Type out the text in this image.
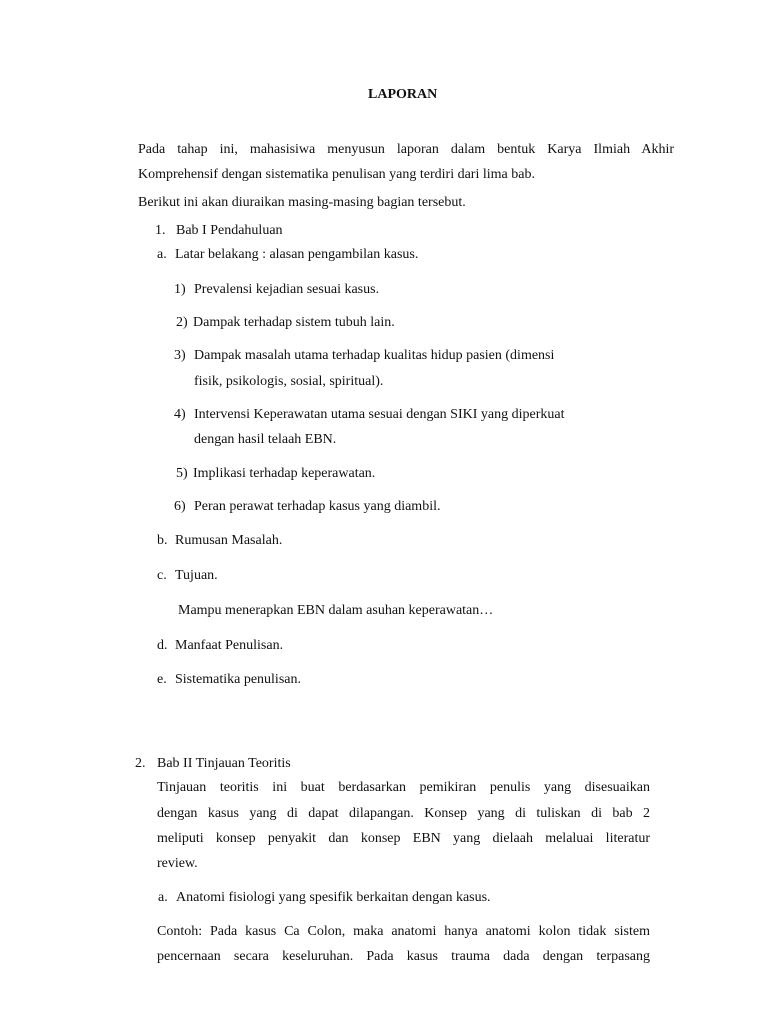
LAPORAN
Pada tahap ini, mahasisiwa menyusun laporan dalam bentuk Karya Ilmiah Akhir
Komprehensif dengan sistematika penulisan yang terdiri dari lima bab.
Berikut ini akan diuraikan masing-masing bagian tersebut.
1. Bab I Pendahuluan
a. Latar belakang : alasan pengambilan kasus.
1) Prevalensi kejadian sesuai kasus.
2) Dampak terhadap sistem tubuh lain.
3) Dampak masalah utama terhadap kualitas hidup pasien (dimensi
fisik, psikologis, sosial, spiritual).
4) Intervensi Keperawatan utama sesuai dengan SIKI yang diperkuat
dengan hasil telaah EBN.
5) Implikasi terhadap keperawatan.
6) Peran perawat terhadap kasus yang diambil.
b. Rumusan Masalah.
c. Tujuan.
Mampu menerapkan EBN dalam asuhan keperawatan…
d. Manfaat Penulisan.
e. Sistematika penulisan.
2. Bab II Tinjauan Teoritis
Tinjauan teoritis ini buat berdasarkan pemikiran penulis yang disesuaikan
dengan kasus yang di dapat dilapangan. Konsep yang di tuliskan di bab 2
meliputi konsep penyakit dan konsep EBN yang dielaah melaluai literatur
review.
a. Anatomi fisiologi yang spesifik berkaitan dengan kasus.
Contoh: Pada kasus Ca Colon, maka anatomi hanya anatomi kolon tidak sistem
pencernaan secara keseluruhan. Pada kasus trauma dada dengan terpasang
